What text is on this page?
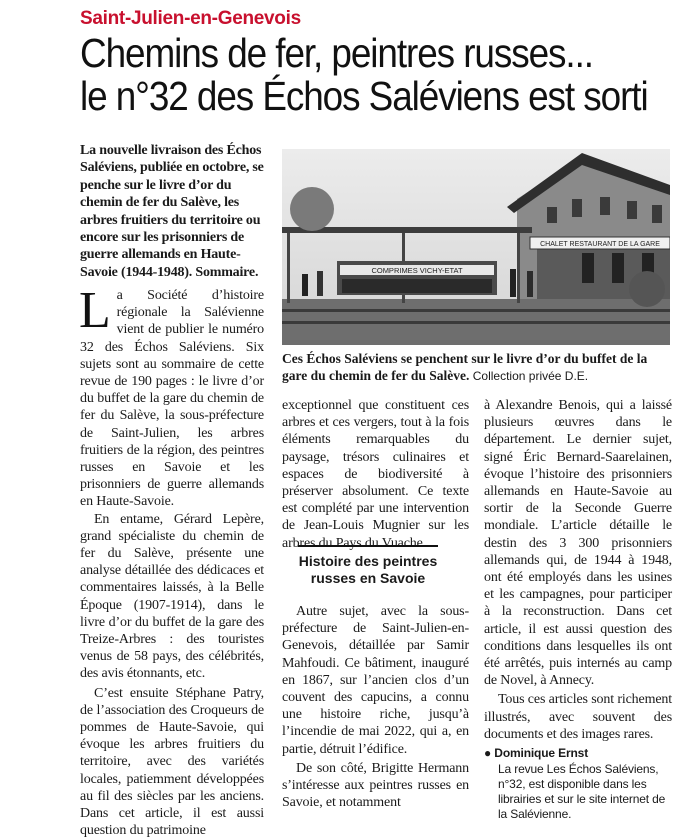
Saint-Julien-en-Genevois
Chemins de fer, peintres russes...
le n°32 des Échos Saléviens est sorti
La nouvelle livraison des Échos Saléviens, publiée en octobre, se penche sur le livre d’or du chemin de fer du Salève, les arbres fruitiers du territoire ou encore sur les prisonniers de guerre allemands en Haute-Savoie (1944-1948). Sommaire.

La Société d’histoire régionale la Salévienne vient de publier le numéro 32 des Échos Saléviens. Six sujets sont au sommaire de cette revue de 190 pages : le livre d’or du buffet de la gare du chemin de fer du Salève, la sous-préfecture de Saint-Julien, les arbres fruitiers de la région, des peintres russes en Savoie et les prisonniers de guerre allemands en Haute-Savoie.

En entame, Gérard Lepère, grand spécialiste du chemin de fer du Salève, présente une analyse détaillée des dédicaces et commentaires laissés, à la Belle Époque (1907-1914), dans le livre d’or du buffet de la gare des Treize-Arbres : des touristes venus de 58 pays, des célébrités, des avis étonnants, etc.

C’est ensuite Stéphane Patry, de l’association des Croqueurs de pommes de Haute-Savoie, qui évoque les arbres fruitiers du territoire, avec des variétés locales, patiemment développées au fil des siècles par les anciens. Dans cet article, il est aussi question du patrimoine

CHALET RESTAURANT DE LA GARE
COMPRIMES VICHY-ETAT
Ces Échos Saléviens se penchent sur le livre d’or du buffet de la gare du chemin de fer du Salève. Collection privée D.E.

exceptionnel que constituent ces arbres et ces vergers, tout à la fois éléments remarquables du paysage, trésors culinaires et espaces de biodiversité à préserver absolument. Ce texte est complété par une intervention de Jean-Louis Mugnier sur les arbres du Pays du Vuache.

Histoire des peintres russes en Savoie

Autre sujet, avec la sous-préfecture de Saint-Julien-en-Genevois, détaillée par Samir Mahfoudi. Ce bâtiment, inauguré en 1867, sur l’ancien clos d’un couvent des capucins, a connu une histoire riche, jusqu’à l’incendie de mai 2022, qui a, en partie, détruit l’édifice.

De son côté, Brigitte Hermann s’intéresse aux peintres russes en Savoie, et notamment

à Alexandre Benois, qui a laissé plusieurs œuvres dans le département. Le dernier sujet, signé Éric Bernard-Saarelainen, évoque l’histoire des prisonniers allemands en Haute-Savoie au sortir de la Seconde Guerre mondiale. L’article détaille le destin des 3 300 prisonniers allemands qui, de 1944 à 1948, ont été employés dans les usines et les campagnes, pour participer à la reconstruction. Dans cet article, il est aussi question des conditions dans lesquelles ils ont été arrêtés, puis internés au camp de Novel, à Annecy.

Tous ces articles sont richement illustrés, avec souvent des documents et des images rares.

● Dominique Ernst
La revue Les Échos Saléviens, n°32, est disponible dans les librairies et sur le site internet de la Salévienne.
